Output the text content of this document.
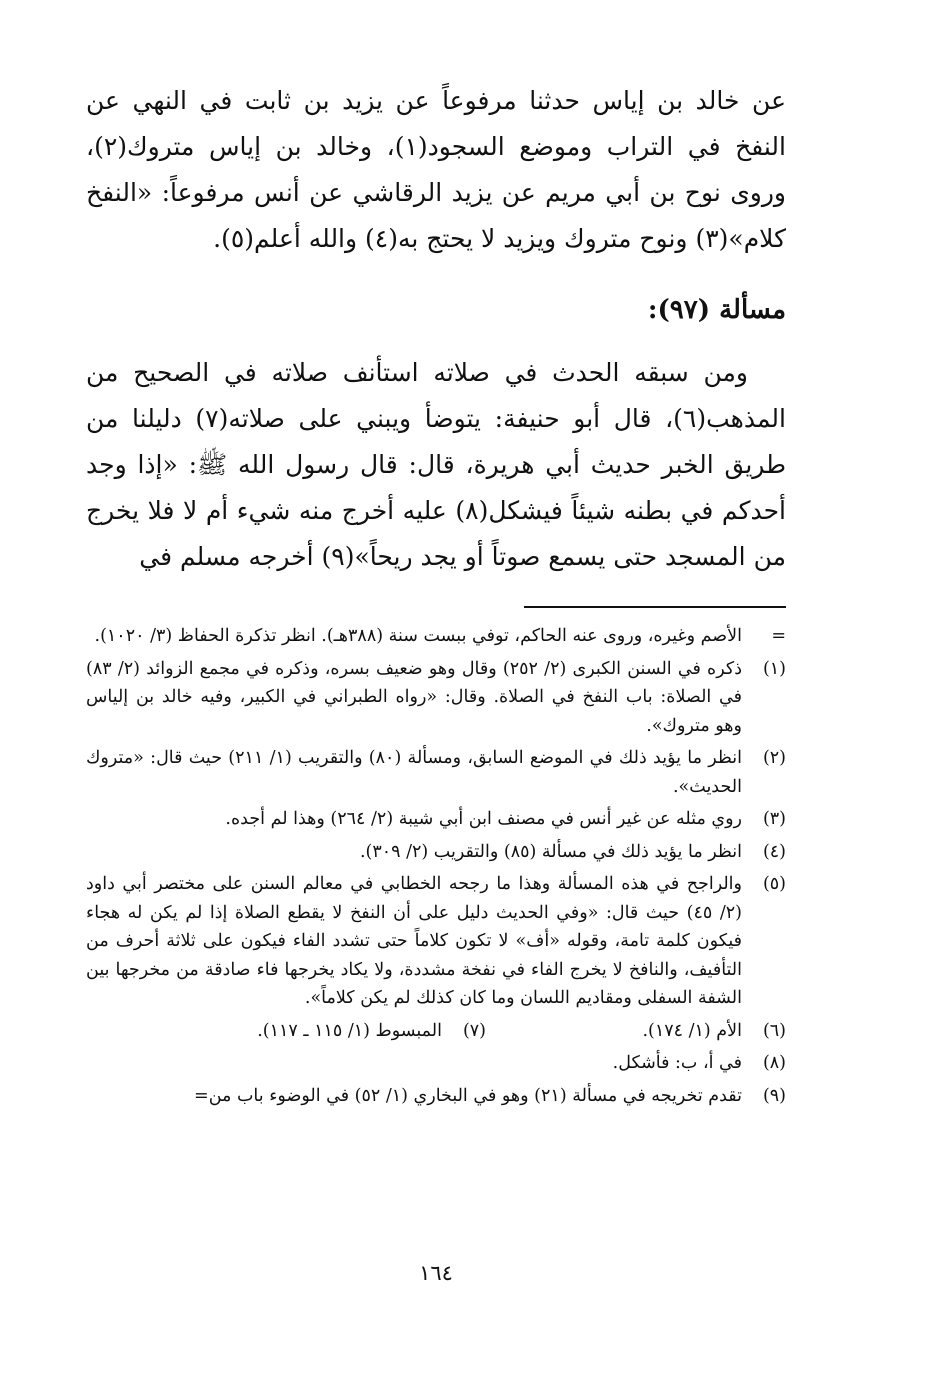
عن خالد بن إياس حدثنا مرفوعاً عن يزيد بن ثابت في النهي عن النفخ في التراب وموضع السجود(١)، وخالد بن إياس متروك(٢)، وروى نوح بن أبي مريم عن يزيد الرقاشي عن أنس مرفوعاً: «النفخ كلام»(٣) ونوح متروك ويزيد لا يحتج به(٤) والله أعلم(٥).

مسألة (٩٧):

ومن سبقه الحدث في صلاته استأنف صلاته في الصحيح من المذهب(٦)، قال أبو حنيفة: يتوضأ ويبني على صلاته(٧) دليلنا من طريق الخبر حديث أبي هريرة، قال: قال رسول الله ﷺ: «إذا وجد أحدكم في بطنه شيئاً فيشكل(٨) عليه أخرج منه شيء أم لا فلا يخرج من المسجد حتى يسمع صوتاً أو يجد ريحاً»(٩) أخرجه مسلم في

=
الأصم وغيره، وروى عنه الحاكم، توفي ببست سنة (٣٨٨هـ). انظر تذكرة الحفاظ (٣/ ١٠٢٠).
(١)
ذكره في السنن الكبرى (٢/ ٢٥٢) وقال وهو ضعيف بسره، وذكره في مجمع الزوائد (٢/ ٨٣) في الصلاة: باب النفخ في الصلاة. وقال: «رواه الطبراني في الكبير، وفيه خالد بن إلياس وهو متروك».
(٢)
انظر ما يؤيد ذلك في الموضع السابق، ومسألة (٨٠) والتقريب (١/ ٢١١) حيث قال: «متروك الحديث».
(٣)
روي مثله عن غير أنس في مصنف ابن أبي شيبة (٢/ ٢٦٤) وهذا لم أجده.
(٤)
انظر ما يؤيد ذلك في مسألة (٨٥) والتقريب (٢/ ٣٠٩).
(٥)
والراجح في هذه المسألة وهذا ما رجحه الخطابي في معالم السنن على مختصر أبي داود (٢/ ٤٥) حيث قال: «وفي الحديث دليل على أن النفخ لا يقطع الصلاة إذا لم يكن له هجاء فيكون كلمة تامة، وقوله «أف» لا تكون كلاماً حتى تشدد الفاء فيكون على ثلاثة أحرف من التأفيف، والنافخ لا يخرج الفاء في نفخة مشددة، ولا يكاد يخرجها فاء صادقة من مخرجها بين الشفة السفلى ومقاديم اللسان وما كان كذلك لم يكن كلاماً».
(٦)
الأم (١/ ١٧٤).
(٧)
المبسوط (١/ ١١٥ ـ ١١٧).
(٨)
في أ، ب: فأشكل.
(٩)
تقدم تخريجه في مسألة (٢١) وهو في البخاري (١/ ٥٢) في الوضوء باب من=
١٦٤
